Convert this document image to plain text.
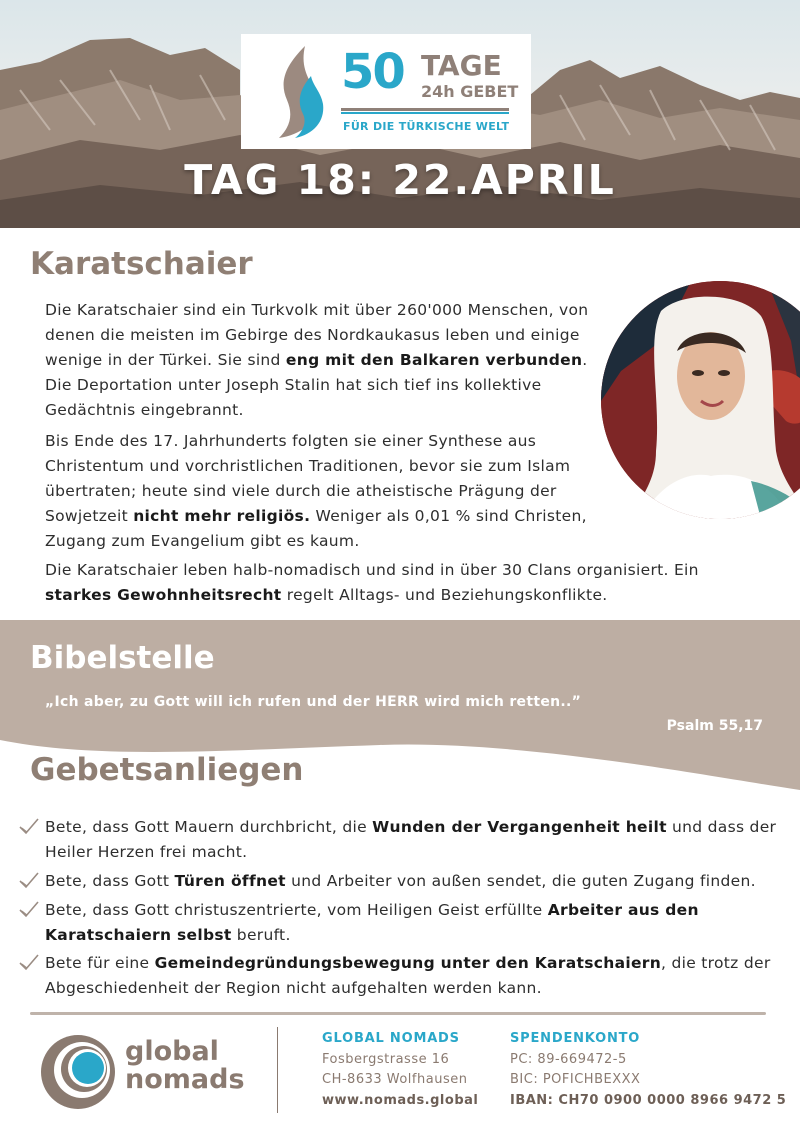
50 TAGE
24h GEBET
FÜR DIE TÜRKISCHE WELT
TAG 18: 22.APRIL
Karatschaier

Die Karatschaier sind ein Turkvolk mit über 260'000 Menschen, von denen die meisten im Gebirge des Nordkaukasus leben und einige wenige in der Türkei. Sie sind eng mit den Balkaren verbunden. Die Deportation unter Joseph Stalin hat sich tief ins kollektive Gedächtnis eingebrannt.

Bis Ende des 17. Jahrhunderts folgten sie einer Synthese aus Christentum und vorchristlichen Traditionen, bevor sie zum Islam übertraten; heute sind viele durch die atheistische Prägung der Sowjetzeit nicht mehr religiös. Weniger als 0,01 % sind Christen, Zugang zum Evangelium gibt es kaum.

Die Karatschaier leben halb-nomadisch und sind in über 30 Clans organisiert. Ein starkes Gewohnheitsrecht regelt Alltags- und Beziehungskonflikte.

Bibelstelle
„Ich aber, zu Gott will ich rufen und der HERR wird mich retten..”
Psalm 55,17
Gebetsanliegen

Bete, dass Gott Mauern durchbricht, die Wunden der Vergangenheit heilt und dass der Heiler Herzen frei macht.

Bete, dass Gott Türen öffnet und Arbeiter von außen sendet, die guten Zugang finden.

Bete, dass Gott christuszentrierte, vom Heiligen Geist erfüllte Arbeiter aus den Karatschaiern selbst beruft.

Bete für eine Gemeindegründungsbewegung unter den Karatschaiern, die trotz der Abgeschiedenheit der Region nicht aufgehalten werden kann.

global
nomads
GLOBAL NOMADS
Fosbergstrasse 16
CH-8633 Wolfhausen
www.nomads.global
SPENDENKONTO
PC: 89-669472-5
BIC: POFICHBEXXX
IBAN: CH70 0900 0000 8966 9472 5
